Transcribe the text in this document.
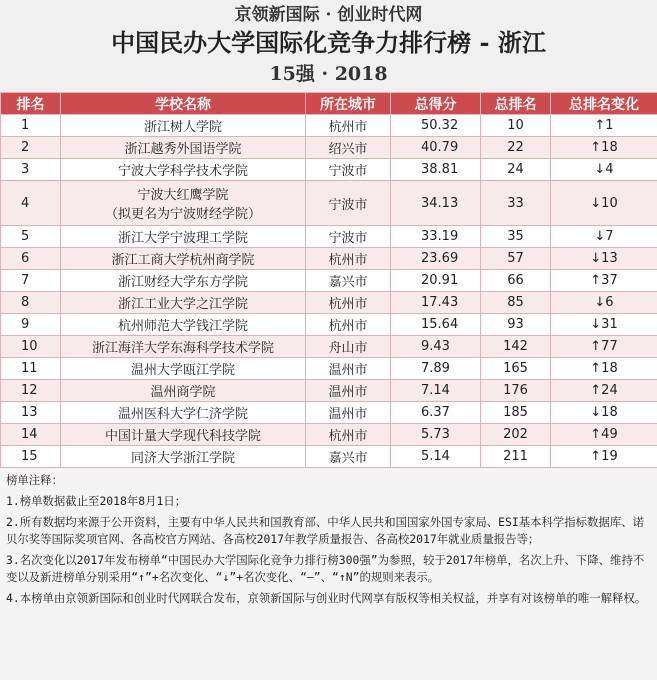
京领新国际 · 创业时代网
中国民办大学国际化竞争力排行榜 - 浙江
15强 · 2018
排名	学校名称	所在城市	总得分	总排名	总排名变化
1	浙江树人学院	杭州市	50.32	10	↑1
2	浙江越秀外国语学院	绍兴市	40.79	22	↑18
3	宁波大学科学技术学院	宁波市	38.81	24	↓4
4	宁波大红鹰学院
（拟更名为宁波财经学院）	宁波市	34.13	33	↓10
5	浙江大学宁波理工学院	宁波市	33.19	35	↓7
6	浙江工商大学杭州商学院	杭州市	23.69	57	↓13
7	浙江财经大学东方学院	嘉兴市	20.91	66	↑37
8	浙江工业大学之江学院	杭州市	17.43	85	↓6
9	杭州师范大学钱江学院	杭州市	15.64	93	↓31
10	浙江海洋大学东海科学技术学院	舟山市	9.43	142	↑77
11	温州大学瓯江学院	温州市	7.89	165	↑18
12	温州商学院	温州市	7.14	176	↑24
13	温州医科大学仁济学院	温州市	6.37	185	↓18
14	中国计量大学现代科技学院	杭州市	5.73	202	↑49
15	同济大学浙江学院	嘉兴市	5.14	211	↑19

榜单注释：

1.榜单数据截止至2018年8月1日；

2.所有数据均来源于公开资料，主要有中华人民共和国教育部、中华人民共和国国家外国专家局、ESI基本科学指标数据库、诺贝尔奖等国际奖项官网、各高校官方网站、各高校2017年教学质量报告、各高校2017年就业质量报告等；

3.名次变化以2017年发布榜单“中国民办大学国际化竞争力排行榜300强”为参照，较于2017年榜单，名次上升、下降、维持不变以及新进榜单分别采用“↑”+名次变化、“↓”+名次变化、“–”、“↑N”的规则来表示。

4.本榜单由京领新国际和创业时代网联合发布，京领新国际与创业时代网享有版权等相关权益，并享有对该榜单的唯一解释权。
